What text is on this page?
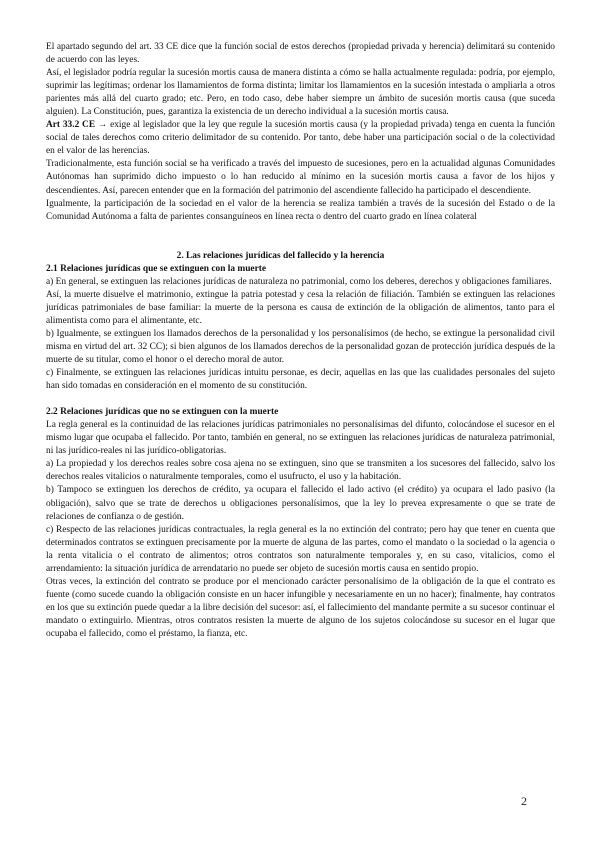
El apartado segundo del art. 33 CE dice que la función social de estos derechos (propiedad privada y herencia) delimitará su contenido de acuerdo con las leyes.

Así, el legislador podría regular la sucesión mortis causa de manera distinta a cómo se halla actualmente regulada: podría, por ejemplo, suprimir las legítimas; ordenar los llamamientos de forma distinta; limitar los llamamientos en la sucesión intestada o ampliarla a otros parientes más allá del cuarto grado; etc. Pero, en todo caso, debe haber siempre un ámbito de sucesión mortis causa (que suceda alguien). La Constitución, pues, garantiza la existencia de un derecho individual a la sucesión mortis causa.

Art 33.2 CE → exige al legislador que la ley que regule la sucesión mortis causa (y la propiedad privada) tenga en cuenta la función social de tales derechos como criterio delimitador de su contenido. Por tanto, debe haber una participación social o de la colectividad en el valor de las herencias.

Tradicionalmente, esta función social se ha verificado a través del impuesto de sucesiones, pero en la actualidad algunas Comunidades Autónomas han suprimido dicho impuesto o lo han reducido al mínimo en la sucesión mortis causa a favor de los hijos y descendientes. Así, parecen entender que en la formación del patrimonio del ascendiente fallecido ha participado el descendiente.

Igualmente, la participación de la sociedad en el valor de la herencia se realiza también a través de la sucesión del Estado o de la Comunidad Autónoma a falta de parientes consanguíneos en línea recta o dentro del cuarto grado en línea colateral

2. Las relaciones jurídicas del fallecido y la herencia

2.1 Relaciones jurídicas que se extinguen con la muerte

a) En general, se extinguen las relaciones jurídicas de naturaleza no patrimonial, como los deberes, derechos y obligaciones familiares.

Así, la muerte disuelve el matrimonio, extingue la patria potestad y cesa la relación de filiación. También se extinguen las relaciones jurídicas patrimoniales de base familiar: la muerte de la persona es causa de extinción de la obligación de alimentos, tanto para el alimentista como para el alimentante, etc.

b) Igualmente, se extinguen los llamados derechos de la personalidad y los personalísimos (de hecho, se extingue la personalidad civil misma en virtud del art. 32 CC); si bien algunos de los llamados derechos de la personalidad gozan de protección jurídica después de la muerte de su titular, como el honor o el derecho moral de autor.

c) Finalmente, se extinguen las relaciones jurídicas intuitu personae, es decir, aquellas en las que las cualidades personales del sujeto han sido tomadas en consideración en el momento de su constitución.

2.2 Relaciones jurídicas que no se extinguen con la muerte

La regla general es la continuidad de las relaciones jurídicas patrimoniales no personalísimas del difunto, colocándose el sucesor en el mismo lugar que ocupaba el fallecido. Por tanto, también en general, no se extinguen las relaciones jurídicas de naturaleza patrimonial, ni las jurídico-reales ni las jurídico-obligatorias.

a) La propiedad y los derechos reales sobre cosa ajena no se extinguen, sino que se transmiten a los sucesores del fallecido, salvo los derechos reales vitalicios o naturalmente temporales, como el usufructo, el uso y la habitación.

b) Tampoco se extinguen los derechos de crédito, ya ocupara el fallecido el lado activo (el crédito) ya ocupara el lado pasivo (la obligación), salvo que se trate de derechos u obligaciones personalísimos, que la ley lo prevea expresamente o que se trate de relaciones de confianza o de gestión.

c) Respecto de las relaciones jurídicas contractuales, la regla general es la no extinción del contrato; pero hay que tener en cuenta que determinados contratos se extinguen precisamente por la muerte de alguna de las partes, como el mandato o la sociedad o la agencia o la renta vitalicia o el contrato de alimentos; otros contratos son naturalmente temporales y, en su caso, vitalicios, como el arrendamiento: la situación jurídica de arrendatario no puede ser objeto de sucesión mortis causa en sentido propio.

Otras veces, la extinción del contrato se produce por el mencionado carácter personalísimo de la obligación de la que el contrato es fuente (como sucede cuando la obligación consiste en un hacer infungible y necesariamente en un no hacer); finalmente, hay contratos en los que su extinción puede quedar a la libre decisión del sucesor: así, el fallecimiento del mandante permite a su sucesor continuar el mandato o extinguirlo. Mientras, otros contratos resisten la muerte de alguno de los sujetos colocándose su sucesor en el lugar que ocupaba el fallecido, como el préstamo, la fianza, etc.

2
